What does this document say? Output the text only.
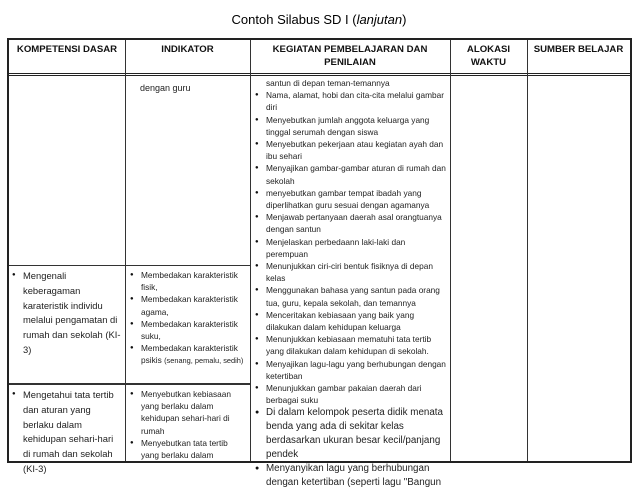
Contoh Silabus SD I (lanjutan)
KOMPETENSI DASAR	INDIKATOR	KEGIATAN PEMBELAJARAN DAN
PENILAIAN
ALOKASI
WAKTU
SUMBER BELAJAR
dengan guru
● Mengenali keberagaman karateristik individu melalui pengamatan di rumah dan sekolah (KI-3)
● Membedakan karakteristik fisik,
● Membedakan karakteristik agama,
● Membedakan karakteristik suku,
● Membedakan karakteristik psikis (senang, pemalu, sedih)
● Mengetahui tata tertib dan aturan yang berlaku dalam kehidupan sehari-hari di rumah dan sekolah (KI-3)
● Menyebutkan kebiasaan yang berlaku dalam kehidupan sehari-hari di rumah
● Menyebutkan tata tertib yang berlaku dalam
santun di depan teman-temannya
● Nama, alamat, hobi dan cita-cita melalui gambar diri
● Menyebutkan jumlah anggota keluarga yang tinggal serumah dengan siswa
● Menyebutkan pekerjaan atau kegiatan ayah dan ibu sehari
● Menyajikan gambar-gambar aturan di rumah dan sekolah
● menyebutkan gambar tempat ibadah yang diperlihatkan guru sesuai dengan agamanya
● Menjawab pertanyaan daerah asal orangtuanya dengan santun
● Menjelaskan perbedaann laki-laki dan perempuan
● Menunjukkan ciri-ciri bentuk fisiknya di depan kelas
● Menggunakan bahasa yang santun pada orang tua, guru, kepala sekolah, dan temannya
● Menceritakan kebiasaan yang baik yang dilakukan dalam kehidupan keluarga
● Menunjukkan kebiasaan mematuhi tata tertib yang dilakukan dalam kehidupan di sekolah.
● Menyajikan lagu-lagu yang berhubungan dengan ketertiban
● Menunjukkan gambar pakaian daerah dari berbagai suku
● Di dalam kelompok peserta didik menata benda yang ada di sekitar kelas berdasarkan ukuran besar kecil/panjang pendek
● Menyanyikan lagu yang berhubungan dengan ketertiban (seperti lagu "Bangun
